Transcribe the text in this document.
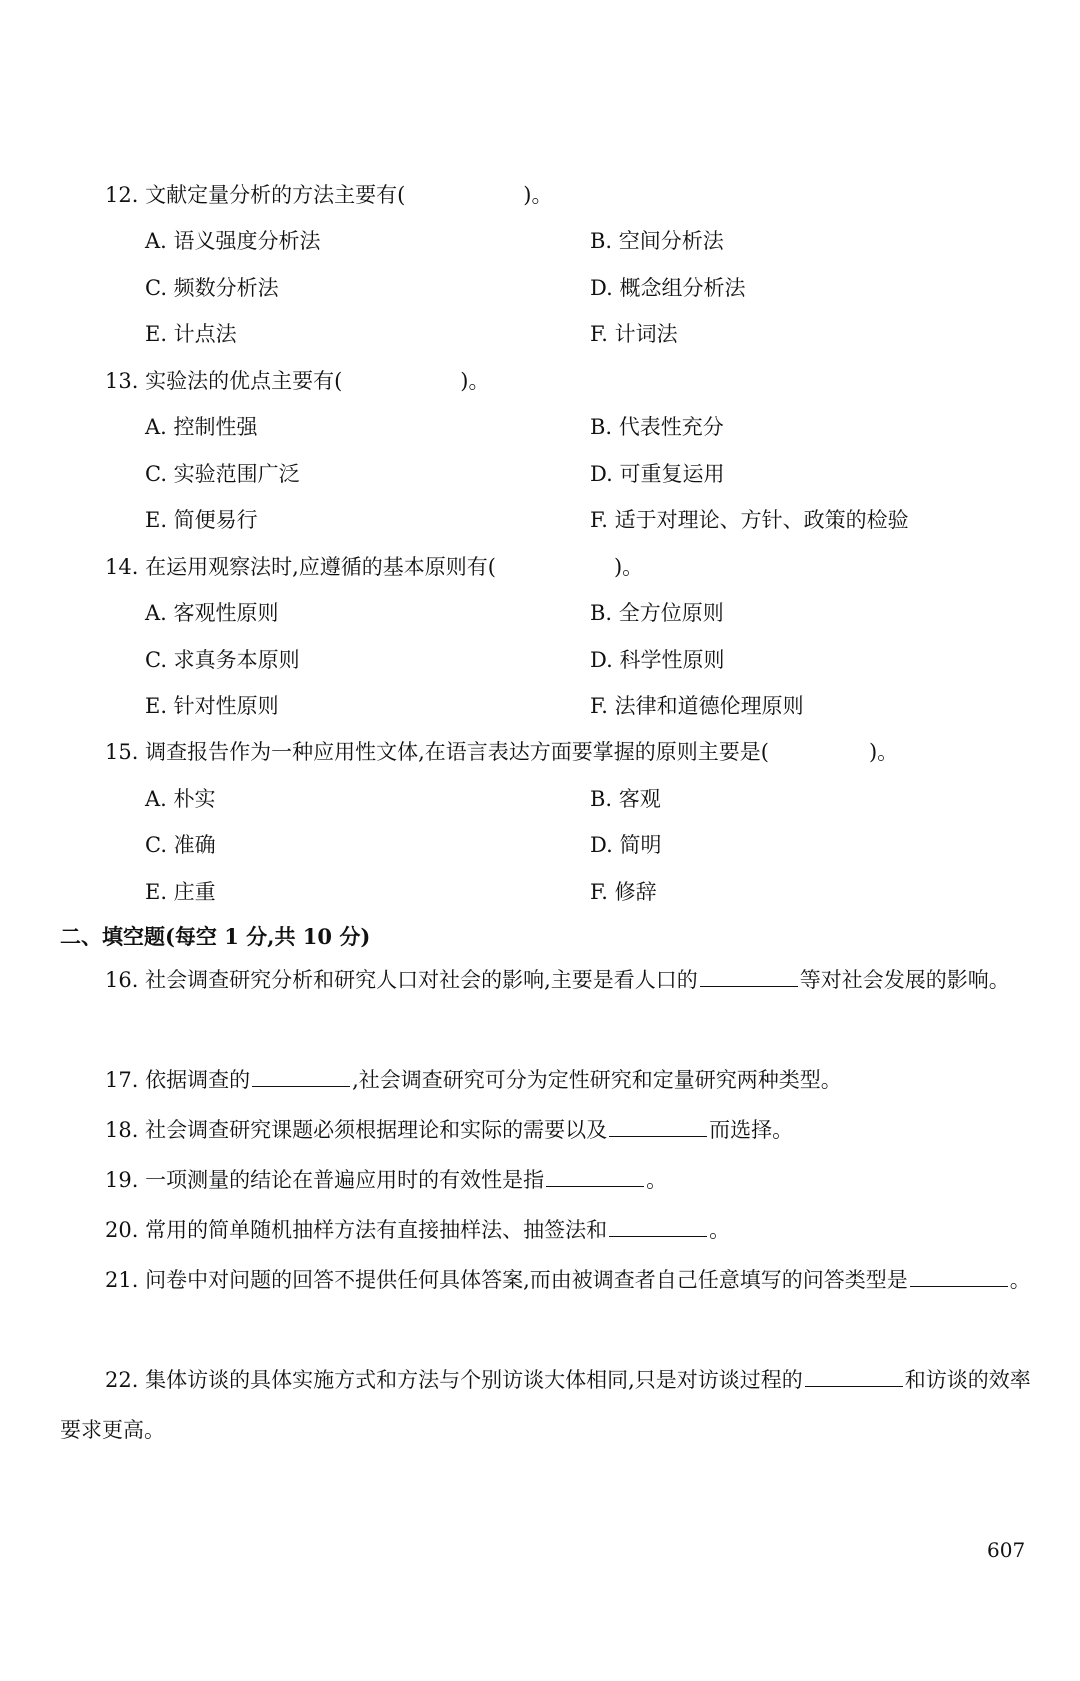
12. 文献定量分析的方法主要有(	)。
A. 语义强度分析法	B. 空间分析法
C. 频数分析法	D. 概念组分析法
E. 计点法	F. 计词法
13. 实验法的优点主要有(	)。
A. 控制性强	B. 代表性充分
C. 实验范围广泛	D. 可重复运用
E. 简便易行	F. 适于对理论、方针、政策的检验
14. 在运用观察法时,应遵循的基本原则有(	)。
A. 客观性原则	B. 全方位原则
C. 求真务本原则	D. 科学性原则
E. 针对性原则	F. 法律和道德伦理原则
15. 调查报告作为一种应用性文体,在语言表达方面要掌握的原则主要是(	)。
A. 朴实	B. 客观
C. 准确	D. 简明
E. 庄重	F. 修辞
二、填空题(每空 1 分,共 10 分)
16. 社会调查研究分析和研究人口对社会的影响,主要是看人口的	等对社会发展的影响。
17. 依据调查的	,社会调查研究可分为定性研究和定量研究两种类型。
18. 社会调查研究课题必须根据理论和实际的需要以及	而选择。
19. 一项测量的结论在普遍应用时的有效性是指	。
20. 常用的简单随机抽样方法有直接抽样法、抽签法和	。
21. 问卷中对问题的回答不提供任何具体答案,而由被调查者自己任意填写的问答类型是	。
22. 集体访谈的具体实施方式和方法与个别访谈大体相同,只是对访谈过程的	和访谈的效率要求更高。
607
